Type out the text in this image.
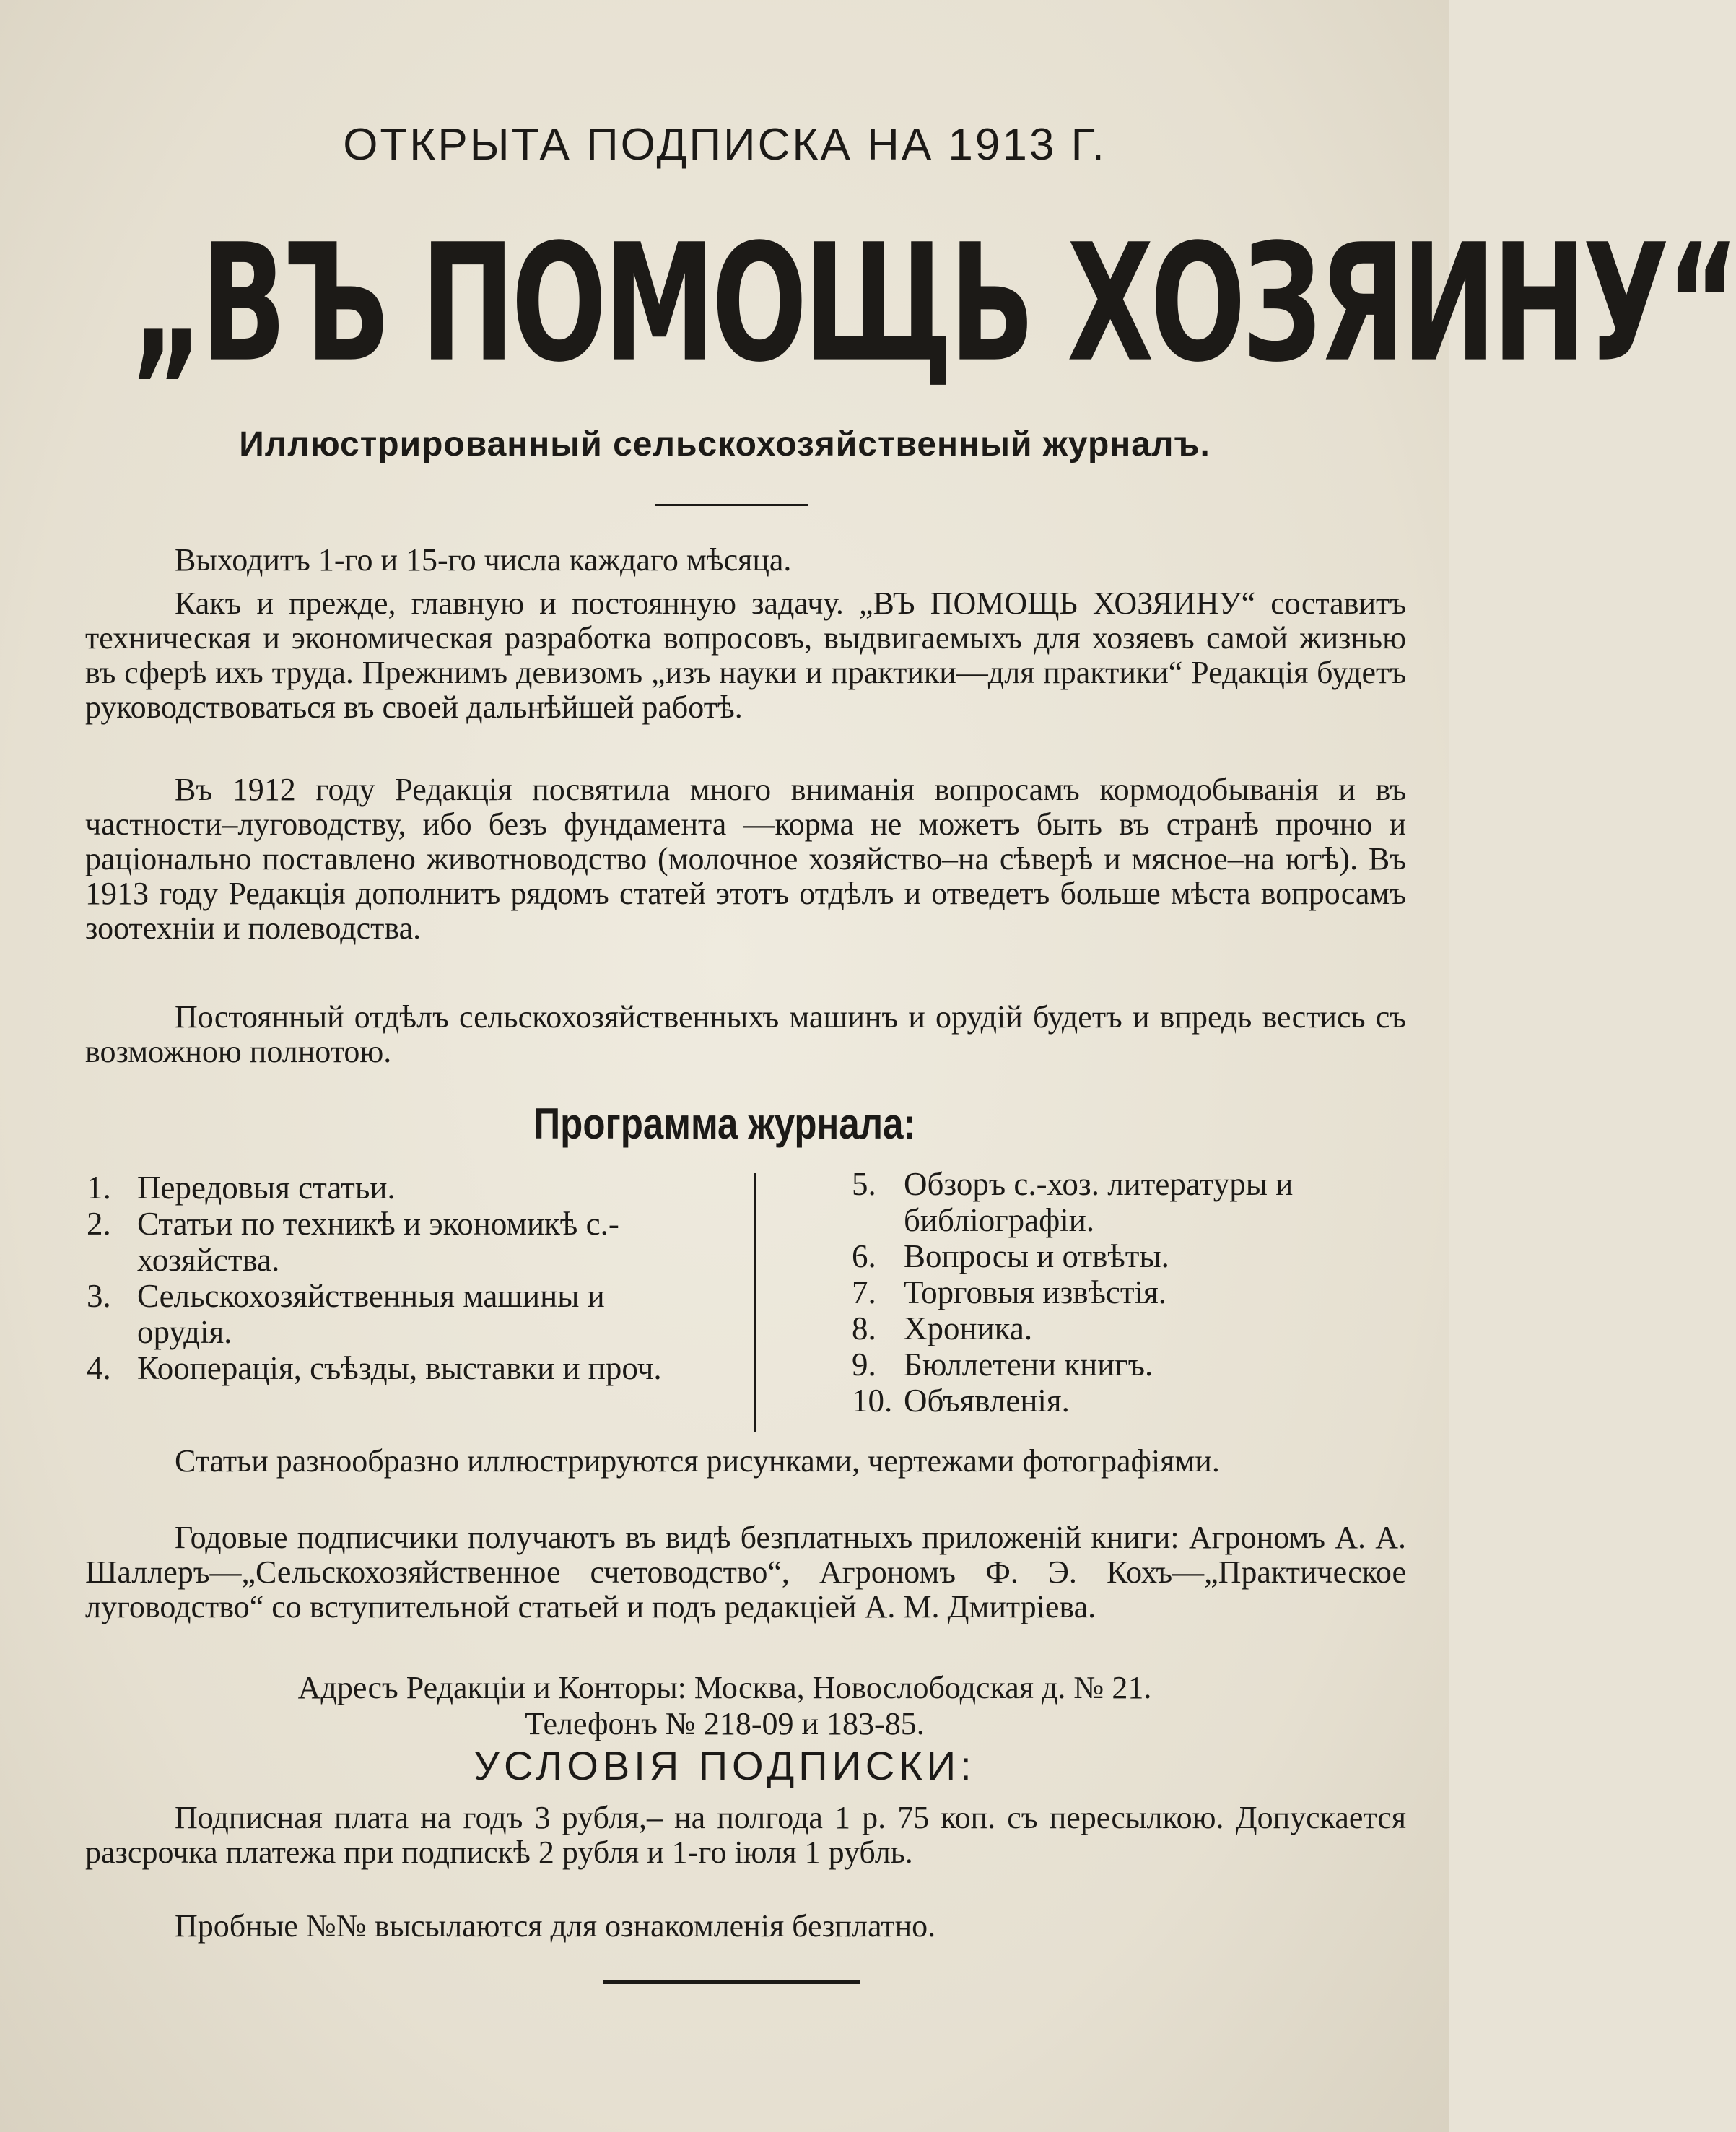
ОТКРЫТА ПОДПИСКА НА 1913 Г.
„ВЪ ПОМОЩЬ ХОЗЯИНУ“
Иллюстрированный сельскохозяйственный журналъ.

Выходитъ 1-го и 15-го числа каждаго мѣсяца.

Какъ и прежде, главную и постоянную задачу. „ВЪ ПОМОЩЬ ХОЗЯИНУ“ составитъ техническая и экономическая разработка вопросовъ, выдвигаемыхъ для хозяевъ самой жизнью въ сферѣ ихъ труда. Прежнимъ девизомъ „изъ науки и практики—для практики“ Редакція будетъ руководствоваться въ своей дальнѣйшей работѣ.

Въ 1912 году Редакція посвятила много вниманія вопросамъ кормодобыванія и въ частности–луговодству, ибо безъ фундамента —корма не можетъ быть въ странѣ прочно и раціонально поставлено животноводство (молочное хозяйство–на сѣверѣ и мясное–на югѣ). Въ 1913 году Редакція дополнитъ рядомъ статей этотъ отдѣлъ и отведетъ больше мѣста вопросамъ зоотехніи и полеводства.

Постоянный отдѣлъ сельскохозяйственныхъ машинъ и орудій будетъ и впредь вестись съ возможною полнотою.

Программа журнала:
1. Передовыя статьи.
2. Статьи по техникѣ и экономикѣ с.-хозяйства.
3. Сельскохозяйственныя машины и орудія.
4. Кооперація, съѣзды, выставки и проч.
5. Обзоръ с.-хоз. литературы и библіографіи.
6. Вопросы и отвѣты.
7. Торговыя извѣстія.
8. Хроника.
9. Бюллетени книгъ.
10. Объявленія.

Статьи разнообразно иллюстрируются рисунками, чертежами фотографіями.

Годовые подписчики получаютъ въ видѣ безплатныхъ приложеній книги: Агрономъ А. А. Шаллеръ—„Сельскохозяйственное счетоводство“, Агрономъ Ф. Э. Кохъ—„Практическое луговодство“ со вступительной статьей и подъ редакціей А. М. Дмитріева.

Адресъ Редакціи и Конторы: Москва, Новослободская д. № 21.
Телефонъ № 218-09 и 183-85.
УСЛОВІЯ ПОДПИСКИ:

Подписная плата на годъ 3 рубля,– на полгода 1 р. 75 коп. съ пересылкою. Допускается разсрочка платежа при подпискѣ 2 рубля и 1-го іюля 1 рубль.

Пробные №№ высылаются для ознакомленія безплатно.
